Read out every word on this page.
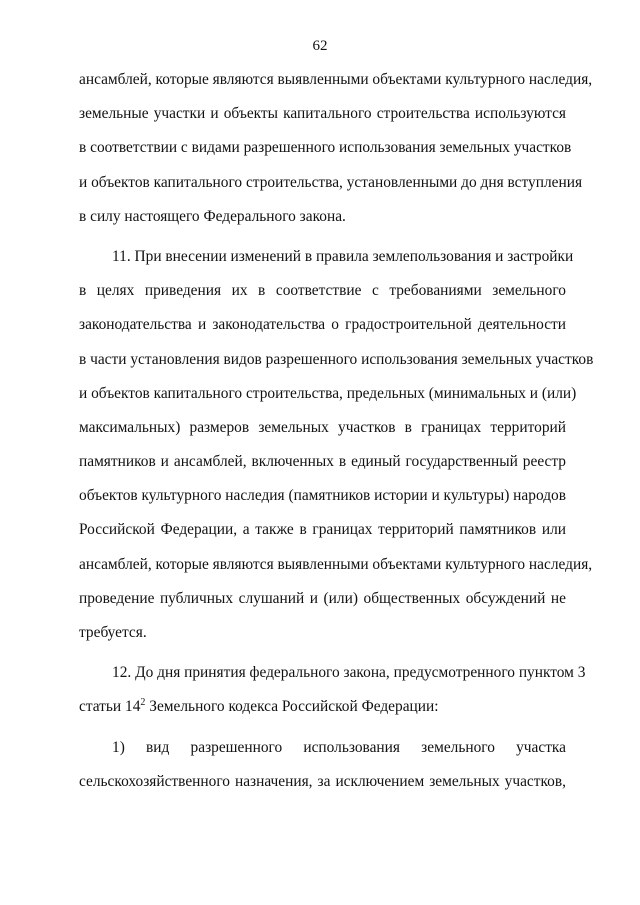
62
ансамблей, которые являются выявленными объектами культурного наследия,
земельные участки и объекты капитального строительства используются
в соответствии с видами разрешенного использования земельных участков
и объектов капитального строительства, установленными до дня вступления
в силу настоящего Федерального закона.
11. При внесении изменений в правила землепользования и застройки
в целях приведения их в соответствие с требованиями земельного
законодательства и законодательства о градостроительной деятельности
в части установления видов разрешенного использования земельных участков
и объектов капитального строительства, предельных (минимальных и (или)
максимальных) размеров земельных участков в границах территорий
памятников и ансамблей, включенных в единый государственный реестр
объектов культурного наследия (памятников истории и культуры) народов
Российской Федерации, а также в границах территорий памятников или
ансамблей, которые являются выявленными объектами культурного наследия,
проведение публичных слушаний и (или) общественных обсуждений не
требуется.
12. До дня принятия федерального закона, предусмотренного пунктом 3
статьи $14^2$ Земельного кодекса Российской Федерации:
1) вид разрешенного использования земельного участка
сельскохозяйственного назначения, за исключением земельных участков,
